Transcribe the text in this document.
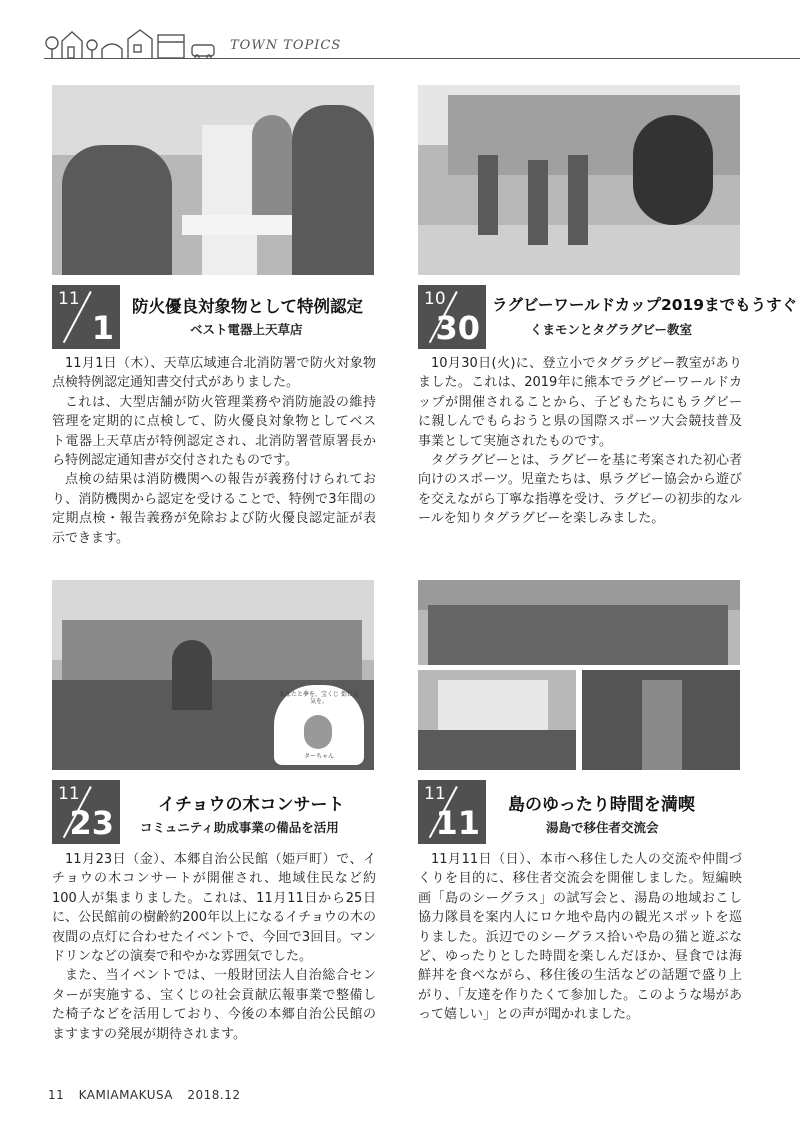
TOWN TOPICS
11
1
防火優良対象物として特例認定
ベスト電器上天草店

11月1日（木）、天草広域連合北消防署で防火対象物点検特例認定通知書交付式がありました。

これは、大型店舗が防火管理業務や消防施設の維持管理を定期的に点検して、防火優良対象物としてベスト電器上天草店が特例認定され、北消防署菅原署長から特例認定通知書が交付されたものです。

点検の結果は消防機関への報告が義務付けられており、消防機関から認定を受けることで、特例で3年間の定期点検・報告義務が免除および防火優良認定証が表示できます。

10
30
ラグビーワールドカップ2019までもうすぐ
くまモンとタグラグビー教室

10月30日(火)に、登立小でタグラグビー教室がありました。これは、2019年に熊本でラグビーワールドカップが開催されることから、子どもたちにもラグビーに親しんでもらおうと県の国際スポーツ大会競技普及事業として実施されたものです。

タグラグビーとは、ラグビーを基に考案された初心者向けのスポーツ。児童たちは、県ラグビー協会から遊びを交えながら丁寧な指導を受け、ラグビーの初歩的なルールを知りタグラグビーを楽しみました。

あなたと夢を、宝くじ 街に元気を。
ターちゃん
11
23	イチョウの木コンサート
コミュニティ助成事業の備品を活用

11月23日（金）、本郷自治公民館（姫戸町）で、イチョウの木コンサートが開催され、地域住民など約100人が集まりました。これは、11月11日から25日に、公民館前の樹齢約200年以上になるイチョウの木の夜間の点灯に合わせたイベントで、今回で3回目。マンドリンなどの演奏で和やかな雰囲気でした。

また、当イベントでは、一般財団法人自治総合センターが実施する、宝くじの社会貢献広報事業で整備した椅子などを活用しており、今後の本郷自治公民館のますますの発展が期待されます。

11
11 島のゆったり時間を満喫
湯島で移住者交流会

11月11日（日）、本市へ移住した人の交流や仲間づくりを目的に、移住者交流会を開催しました。短編映画「島のシーグラス」の試写会と、湯島の地域おこし協力隊員を案内人にロケ地や島内の観光スポットを巡りました。浜辺でのシーグラス拾いや島の猫と遊ぶなど、ゆったりとした時間を楽しんだほか、昼食では海鮮丼を食べながら、移住後の生活などの話題で盛り上がり、「友達を作りたくて参加した。このような場があって嬉しい」との声が聞かれました。

11 KAMIAMAKUSA 2018.12
